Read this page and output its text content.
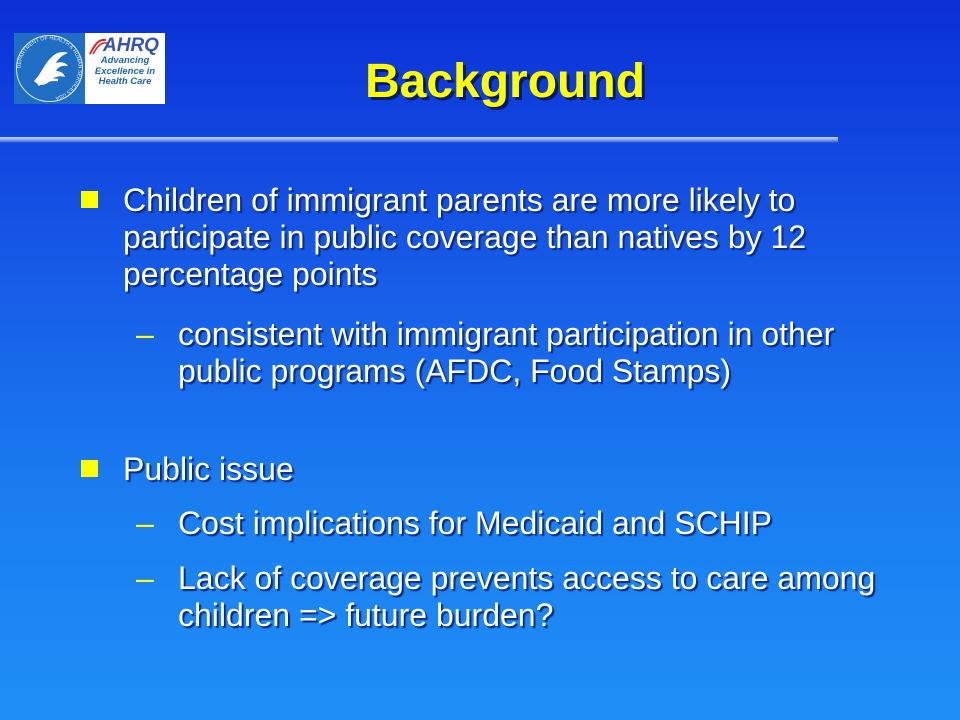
DEPARTMENT OF HEALTH & HUMAN SERVICES USA
AHRQ
Advancing
Excellence in
Health Care	Background
Children of immigrant parents are more likely to participate in public coverage than natives by 12 percentage points
– consistent with immigrant participation in other public programs (AFDC, Food Stamps)
Public issue
– Cost implications for Medicaid and SCHIP
– Lack of coverage prevents access to care among children => future burden?
